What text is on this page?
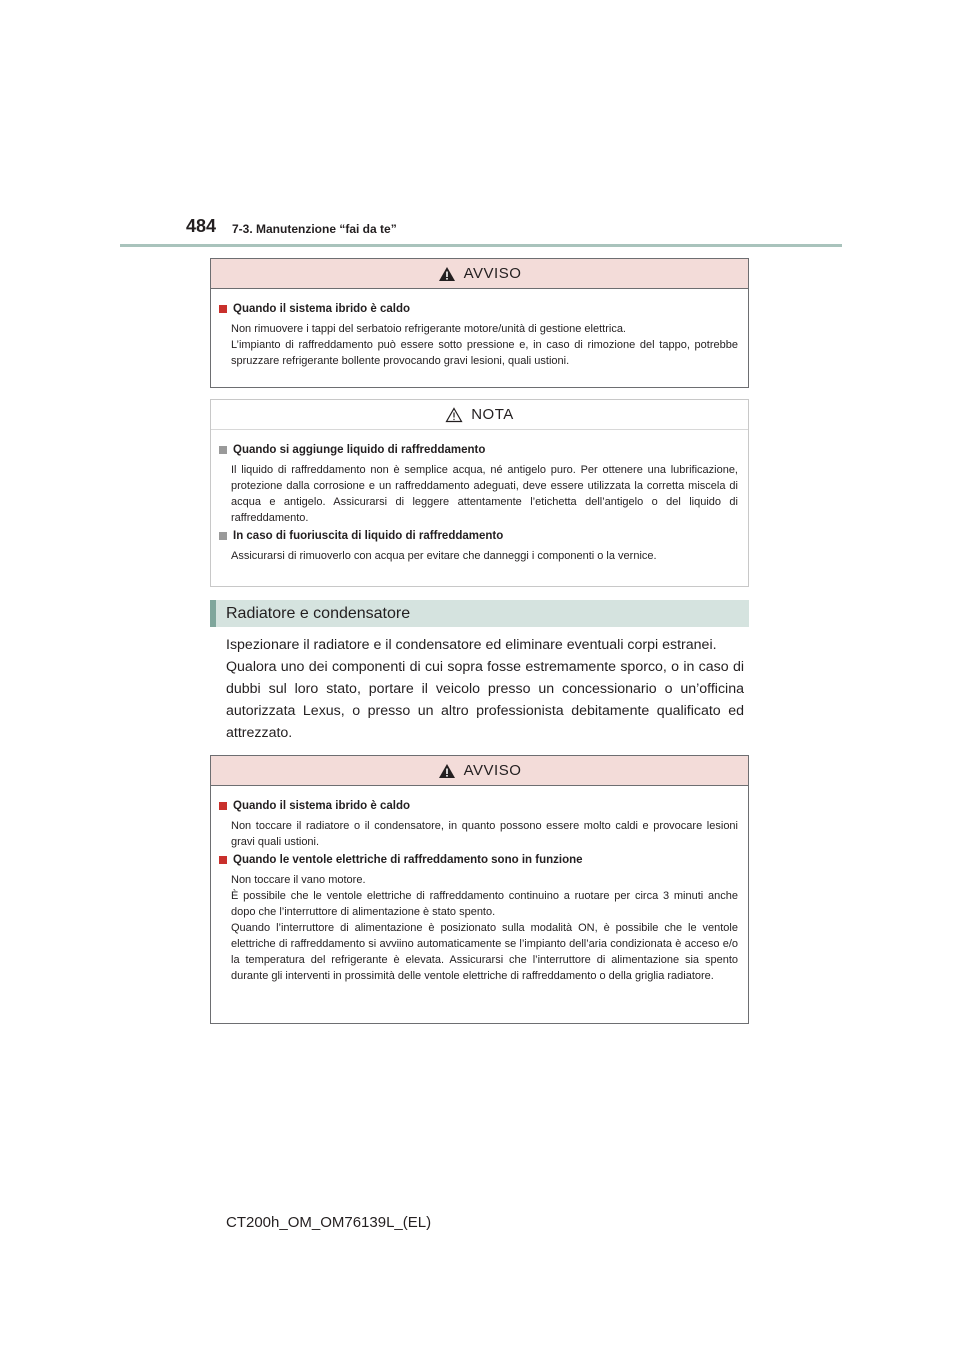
484 7-3. Manutenzione “fai da te”
AVVISO
Quando il sistema ibrido è caldo
Non rimuovere i tappi del serbatoio refrigerante motore/unità di gestione elettrica.
L’impianto di raffreddamento può essere sotto pressione e, in caso di rimozione del tappo, potrebbe spruzzare refrigerante bollente provocando gravi lesioni, quali ustioni.
NOTA
Quando si aggiunge liquido di raffreddamento
Il liquido di raffreddamento non è semplice acqua, né antigelo puro. Per ottenere una lubrificazione, protezione dalla corrosione e un raffreddamento adeguati, deve essere utilizzata la corretta miscela di acqua e antigelo. Assicurarsi di leggere attentamente l’etichetta dell’antigelo o del liquido di raffreddamento.
In caso di fuoriuscita di liquido di raffreddamento
Assicurarsi di rimuoverlo con acqua per evitare che danneggi i componenti o la vernice.
Radiatore e condensatore

Ispezionare il radiatore e il condensatore ed eliminare eventuali corpi estranei.

Qualora uno dei componenti di cui sopra fosse estremamente sporco, o in caso di dubbi sul loro stato, portare il veicolo presso un concessionario o un’officina autorizzata Lexus, o presso un altro professionista debitamente qualificato ed attrezzato.

AVVISO
Quando il sistema ibrido è caldo
Non toccare il radiatore o il condensatore, in quanto possono essere molto caldi e provocare lesioni gravi quali ustioni.
Quando le ventole elettriche di raffreddamento sono in funzione
Non toccare il vano motore.
È possibile che le ventole elettriche di raffreddamento continuino a ruotare per circa 3 minuti anche dopo che l’interruttore di alimentazione è stato spento.
Quando l’interruttore di alimentazione è posizionato sulla modalità ON, è possibile che le ventole elettriche di raffreddamento si avviino automaticamente se l’impianto dell’aria condizionata è acceso e/o la temperatura del refrigerante è elevata. Assicurarsi che l’interruttore di alimentazione sia spento durante gli interventi in prossimità delle ventole elettriche di raffreddamento o della griglia radiatore.
CT200h_OM_OM76139L_(EL)
